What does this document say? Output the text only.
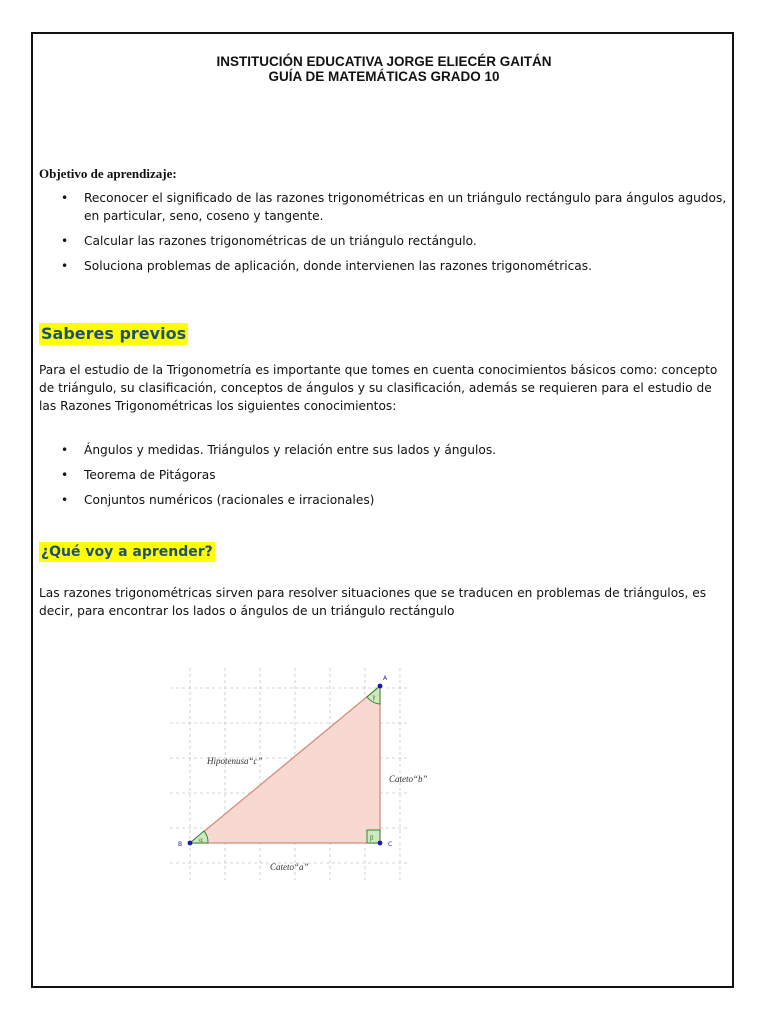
INSTITUCIÓN EDUCATIVA JORGE ELIECÉR GAITÁN
GUÍA DE MATEMÁTICAS GRADO 10
Objetivo de aprendizaje:
• Reconocer el significado de las razones trigonométricas en un triángulo rectángulo para ángulos agudos, en particular, seno, coseno y tangente.
• Calcular las razones trigonométricas de un triángulo rectángulo.
• Soluciona problemas de aplicación, donde intervienen las razones trigonométricas.
Saberes previos
Para el estudio de la Trigonometría es importante que tomes en cuenta conocimientos básicos como: concepto de triángulo, su clasificación, conceptos de ángulos y su clasificación, además se requieren para el estudio de las Razones Trigonométricas los siguientes conocimientos:
• Ángulos y medidas. Triángulos y relación entre sus lados y ángulos.
• Teorema de Pitágoras
• Conjuntos numéricos (racionales e irracionales)
¿Qué voy a aprender?
Las razones trigonométricas sirven para resolver situaciones que se traducen en problemas de triángulos, es decir, para encontrar los lados o ángulos de un triángulo rectángulo
α
γ
β
A
B	C
Hipotenusa“c”
Cateto“b”
Cateto“a”
